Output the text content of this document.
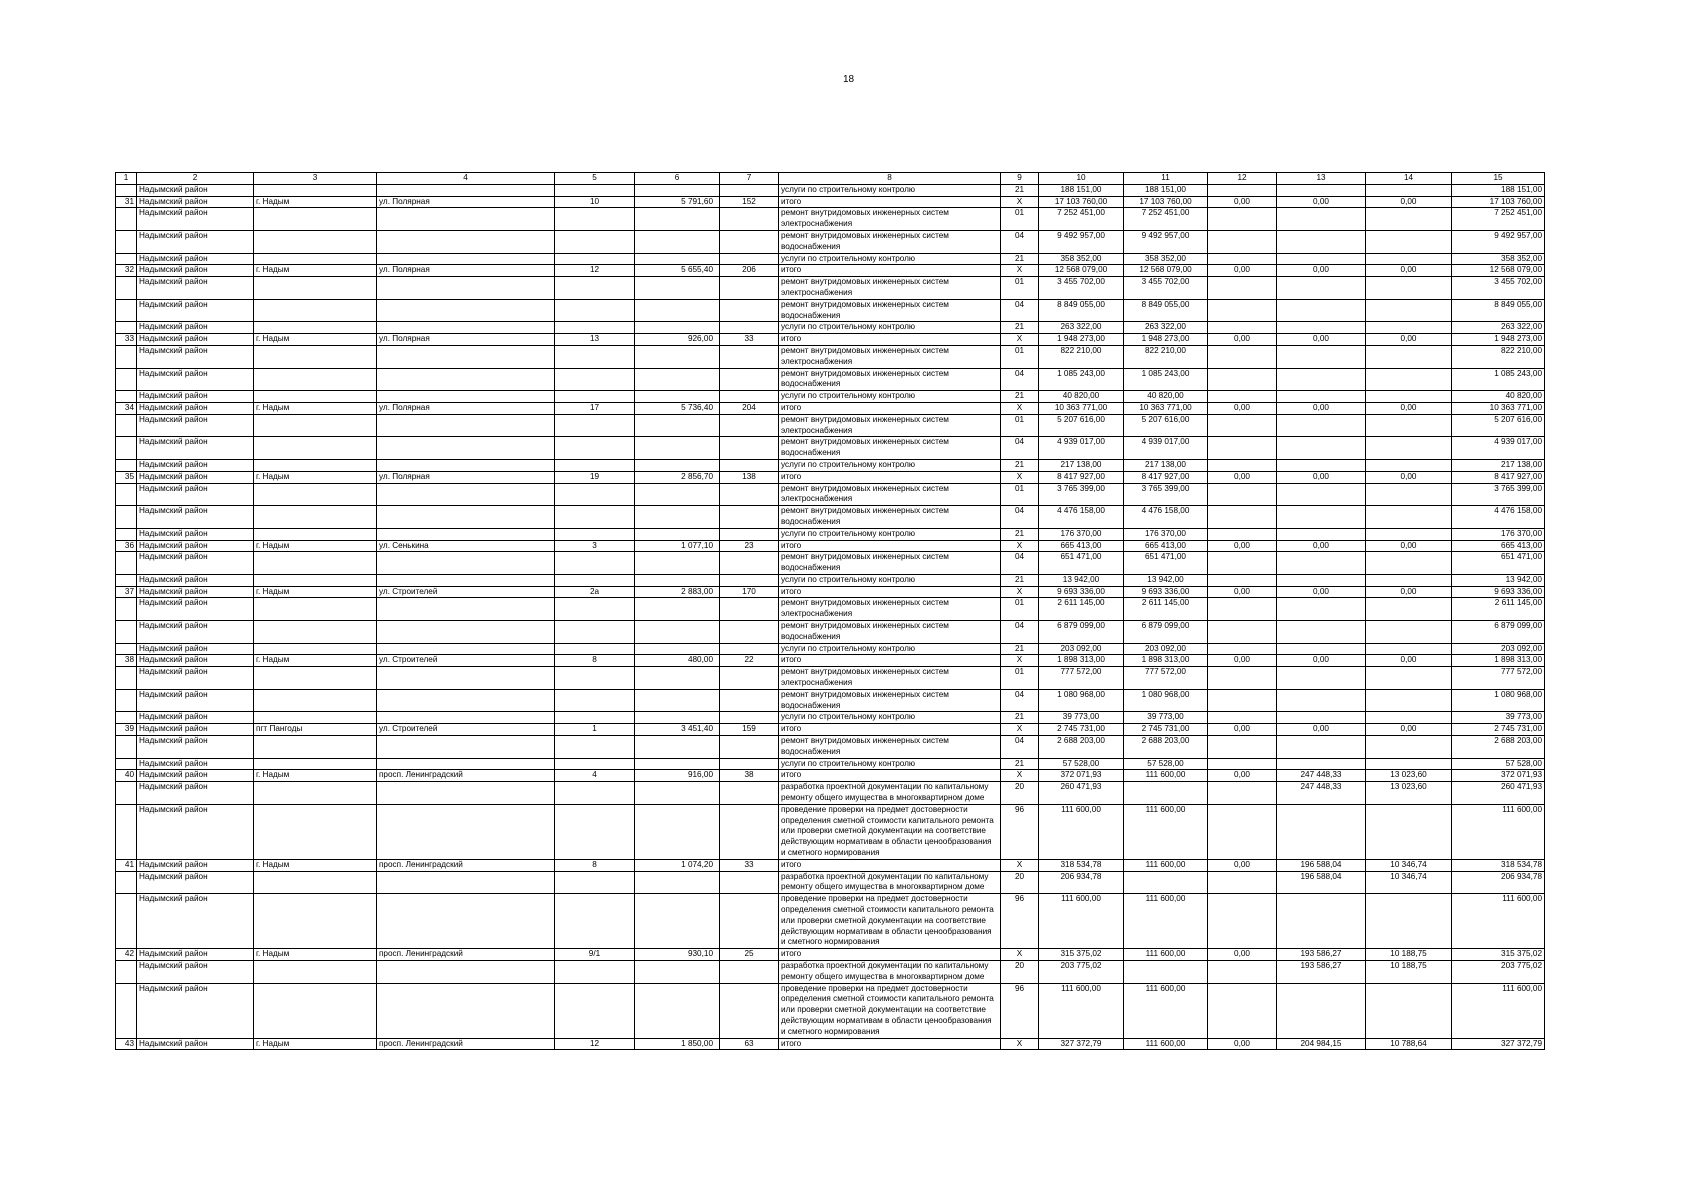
18
1	2	3	4	5	6	7	8	9	10	11	12	13	14	15
	Надымский район						услуги по строительному контролю	21	188 151,00	188 151,00				188 151,00
31	Надымский район	г. Надым	ул. Полярная	10	5 791,60	152	итого	X	17 103 760,00	17 103 760,00	0,00	0,00	0,00	17 103 760,00
	Надымский район						ремонт внутридомовых инженерных систем электроснабжения	01	7 252 451,00	7 252 451,00				7 252 451,00
	Надымский район						ремонт внутридомовых инженерных систем водоснабжения	04	9 492 957,00	9 492 957,00				9 492 957,00
	Надымский район						услуги по строительному контролю	21	358 352,00	358 352,00				358 352,00
32	Надымский район	г. Надым	ул. Полярная	12	5 655,40	206	итого	X	12 568 079,00	12 568 079,00	0,00	0,00	0,00	12 568 079,00
	Надымский район						ремонт внутридомовых инженерных систем электроснабжения	01	3 455 702,00	3 455 702,00				3 455 702,00
	Надымский район						ремонт внутридомовых инженерных систем водоснабжения	04	8 849 055,00	8 849 055,00				8 849 055,00
	Надымский район						услуги по строительному контролю	21	263 322,00	263 322,00				263 322,00
33	Надымский район	г. Надым	ул. Полярная	13	926,00	33	итого	X	1 948 273,00	1 948 273,00	0,00	0,00	0,00	1 948 273,00
	Надымский район						ремонт внутридомовых инженерных систем электроснабжения	01	822 210,00	822 210,00				822 210,00
	Надымский район						ремонт внутридомовых инженерных систем водоснабжения	04	1 085 243,00	1 085 243,00				1 085 243,00
	Надымский район						услуги по строительному контролю	21	40 820,00	40 820,00				40 820,00
34	Надымский район	г. Надым	ул. Полярная	17	5 736,40	204	итого	X	10 363 771,00	10 363 771,00	0,00	0,00	0,00	10 363 771,00
	Надымский район						ремонт внутридомовых инженерных систем электроснабжения	01	5 207 616,00	5 207 616,00				5 207 616,00
	Надымский район						ремонт внутридомовых инженерных систем водоснабжения	04	4 939 017,00	4 939 017,00				4 939 017,00
	Надымский район						услуги по строительному контролю	21	217 138,00	217 138,00				217 138,00
35	Надымский район	г. Надым	ул. Полярная	19	2 856,70	138	итого	X	8 417 927,00	8 417 927,00	0,00	0,00	0,00	8 417 927,00
	Надымский район						ремонт внутридомовых инженерных систем электроснабжения	01	3 765 399,00	3 765 399,00				3 765 399,00
	Надымский район						ремонт внутридомовых инженерных систем водоснабжения	04	4 476 158,00	4 476 158,00				4 476 158,00
	Надымский район						услуги по строительному контролю	21	176 370,00	176 370,00				176 370,00
36	Надымский район	г. Надым	ул. Сенькина	3	1 077,10	23	итого	X	665 413,00	665 413,00	0,00	0,00	0,00	665 413,00
	Надымский район						ремонт внутридомовых инженерных систем водоснабжения	04	651 471,00	651 471,00				651 471,00
	Надымский район						услуги по строительному контролю	21	13 942,00	13 942,00				13 942,00
37	Надымский район	г. Надым	ул. Строителей	2а	2 883,00	170	итого	X	9 693 336,00	9 693 336,00	0,00	0,00	0,00	9 693 336,00
	Надымский район						ремонт внутридомовых инженерных систем электроснабжения	01	2 611 145,00	2 611 145,00				2 611 145,00
	Надымский район						ремонт внутридомовых инженерных систем водоснабжения	04	6 879 099,00	6 879 099,00				6 879 099,00
	Надымский район						услуги по строительному контролю	21	203 092,00	203 092,00				203 092,00
38	Надымский район	г. Надым	ул. Строителей	8	480,00	22	итого	X	1 898 313,00	1 898 313,00	0,00	0,00	0,00	1 898 313,00
	Надымский район						ремонт внутридомовых инженерных систем электроснабжения	01	777 572,00	777 572,00				777 572,00
	Надымский район						ремонт внутридомовых инженерных систем водоснабжения	04	1 080 968,00	1 080 968,00				1 080 968,00
	Надымский район						услуги по строительному контролю	21	39 773,00	39 773,00				39 773,00
39	Надымский район	пгт Пангоды	ул. Строителей	1	3 451,40	159	итого	X	2 745 731,00	2 745 731,00	0,00	0,00	0,00	2 745 731,00
	Надымский район						ремонт внутридомовых инженерных систем водоснабжения	04	2 688 203,00	2 688 203,00				2 688 203,00
	Надымский район						услуги по строительному контролю	21	57 528,00	57 528,00				57 528,00
40	Надымский район	г. Надым	просп. Ленинградский	4	916,00	38	итого	X	372 071,93	111 600,00	0,00	247 448,33	13 023,60	372 071,93
	Надымский район						разработка проектной документации по капитальному ремонту общего имущества в многоквартирном доме	20	260 471,93			247 448,33	13 023,60	260 471,93
	Надымский район						проведение проверки на предмет достоверности определения сметной стоимости капитального ремонта или проверки сметной документации на соответствие действующим нормативам в области ценообразования и сметного нормирования	96	111 600,00	111 600,00				111 600,00
41	Надымский район	г. Надым	просп. Ленинградский	8	1 074,20	33	итого	X	318 534,78	111 600,00	0,00	196 588,04	10 346,74	318 534,78
	Надымский район						разработка проектной документации по капитальному ремонту общего имущества в многоквартирном доме	20	206 934,78			196 588,04	10 346,74	206 934,78
	Надымский район						проведение проверки на предмет достоверности определения сметной стоимости капитального ремонта или проверки сметной документации на соответствие действующим нормативам в области ценообразования и сметного нормирования	96	111 600,00	111 600,00				111 600,00
42	Надымский район	г. Надым	просп. Ленинградский	9/1	930,10	25	итого	X	315 375,02	111 600,00	0,00	193 586,27	10 188,75	315 375,02
	Надымский район						разработка проектной документации по капитальному ремонту общего имущества в многоквартирном доме	20	203 775,02			193 586,27	10 188,75	203 775,02
	Надымский район						проведение проверки на предмет достоверности определения сметной стоимости капитального ремонта или проверки сметной документации на соответствие действующим нормативам в области ценообразования и сметного нормирования	96	111 600,00	111 600,00				111 600,00
43	Надымский район	г. Надым	просп. Ленинградский	12	1 850,00	63	итого	X	327 372,79	111 600,00	0,00	204 984,15	10 788,64	327 372,79
